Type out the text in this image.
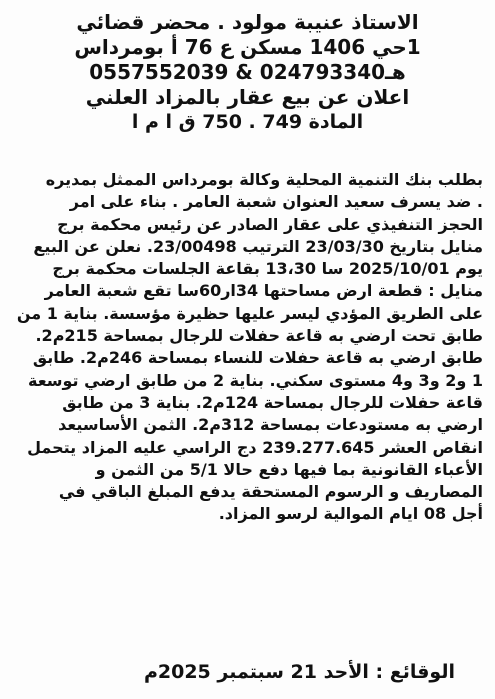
الاستاذ عنيبة مولود . محضر قضائي
1حي 1406 مسكن ع 76 أ بومرداس
هـ024793340 & 0557552039
اعلان عن بيع عقار بالمزاد العلني
المادة 749 . 750 ق ا م ا
بطلب بنك التنمية المحلية وكالة بومرداس الممثل بمديره
. ضد يسرف سعيد العنوان شعبة العامر . بناء على امر
الحجز التنفيذي على عقار الصادر عن رئيس محكمة برج
منايل بتاريخ 23/03/30 الترتيب 23/00498. نعلن عن البيع
يوم 2025/10/01 سا 13،30 بقاعة الجلسات محكمة برج
منايل : قطعة ارض مساحتها 34ار60سا تقع شعبة العامر
على الطريق المؤدي ليسر عليها حظيرة مؤسسة. بناية 1 من
طابق تحت ارضي به قاعة حفلات للرجال بمساحة 215م2.
طابق ارضي به قاعة حفلات للنساء بمساحة 246م2. طابق
1 و2 و3 و4 مستوى سكني. بناية 2 من طابق ارضي توسعة
قاعة حفلات للرجال بمساحة 124م2. بناية 3 من طابق
ارضي به مستودعات بمساحة 312م2. الثمن الأساسيعد
انقاص العشر 239.277.645 دج الراسي عليه المزاد يتحمل
الأعباء القانونية بما فيها دفع حالا 5/1 من الثمن و
المصاريف و الرسوم المستحقة يدفع المبلغ الباقي في
أجل 08 ايام الموالية لرسو المزاد.
الوقائع : الأحد 21 سبتمبر 2025م
